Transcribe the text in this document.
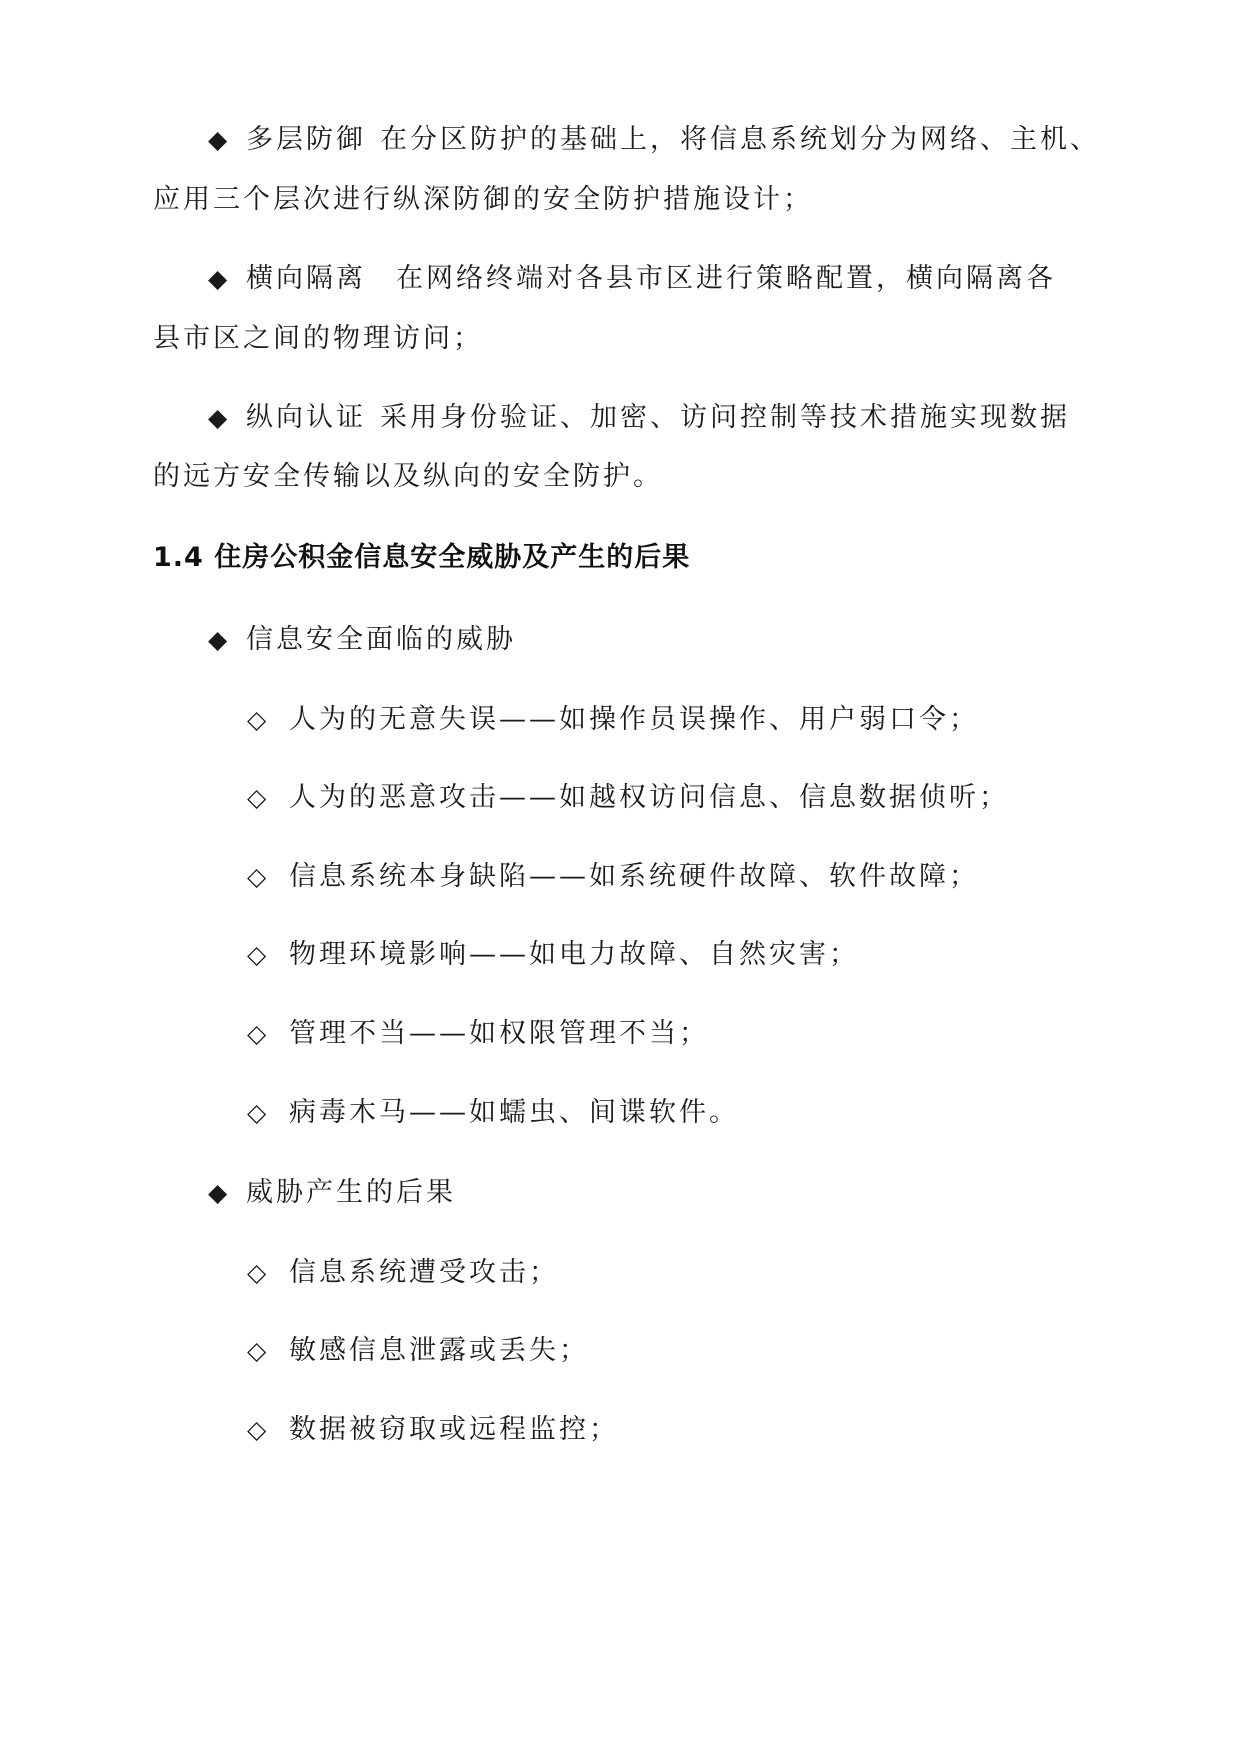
◆ 多层防御 在分区防护的基础上，将信息系统划分为网络、主机、
应用三个层次进行纵深防御的安全防护措施设计；
◆ 横向隔离 在网络终端对各县市区进行策略配置，横向隔离各
县市区之间的物理访问；
◆ 纵向认证 采用身份验证、加密、访问控制等技术措施实现数据
的远方安全传输以及纵向的安全防护。
1.4 住房公积金信息安全威胁及产生的后果
◆ 信息安全面临的威胁
◇ 人为的无意失误——如操作员误操作、用户弱口令；
◇ 人为的恶意攻击——如越权访问信息、信息数据侦听；
◇ 信息系统本身缺陷——如系统硬件故障、软件故障；
◇ 物理环境影响——如电力故障、自然灾害；
◇ 管理不当——如权限管理不当；
◇ 病毒木马——如蠕虫、间谍软件。
◆ 威胁产生的后果
◇ 信息系统遭受攻击；
◇ 敏感信息泄露或丢失；
◇ 数据被窃取或远程监控；
